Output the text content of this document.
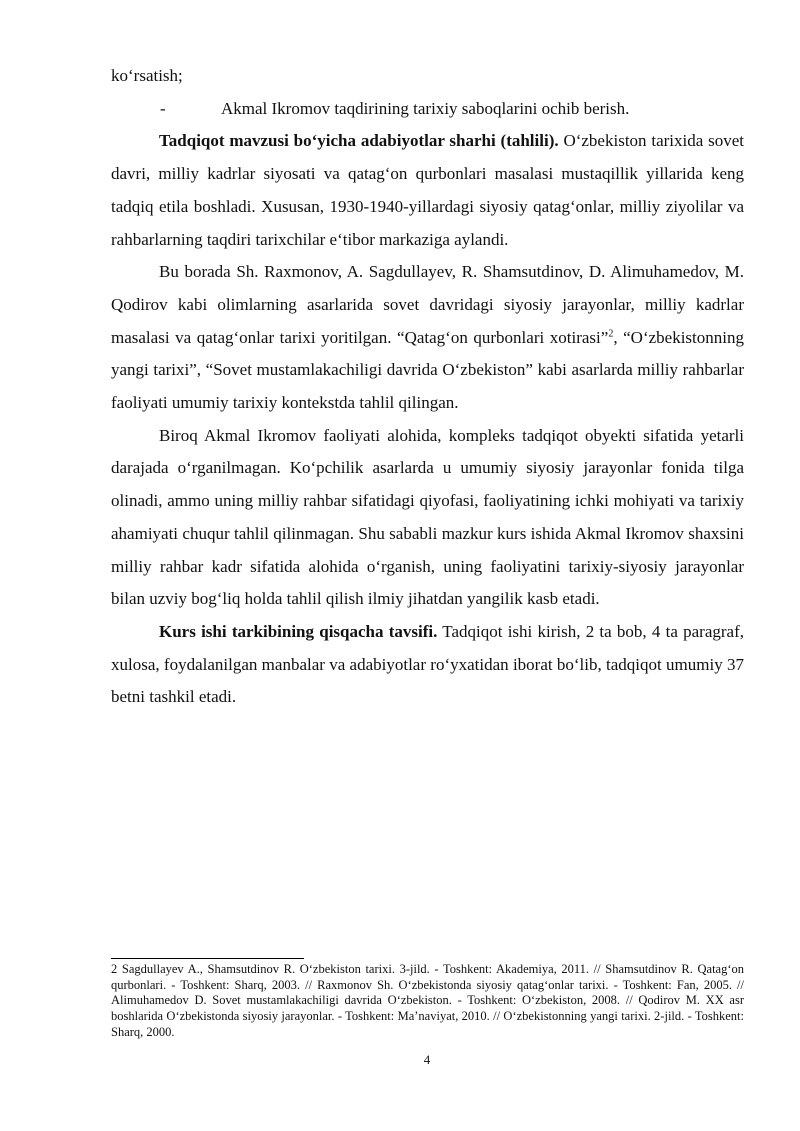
koʻrsatish;

-	Akmal Ikromov taqdirining tarixiy saboqlarini ochib berish.

Tadqiqot mavzusi boʻyicha adabiyotlar sharhi (tahlili). Oʻzbekiston tarixida sovet davri, milliy kadrlar siyosati va qatagʻon qurbonlari masalasi mustaqillik yillarida keng tadqiq etila boshladi. Xususan, 1930-1940-yillardagi siyosiy qatagʻonlar, milliy ziyolilar va rahbarlarning taqdiri tarixchilar eʻtibor markaziga aylandi.

Bu borada Sh. Raxmonov, A. Sagdullayev, R. Shamsutdinov, D. Alimuhamedov, M. Qodirov kabi olimlarning asarlarida sovet davridagi siyosiy jarayonlar, milliy kadrlar masalasi va qatagʻonlar tarixi yoritilgan. “Qatagʻon qurbonlari xotirasi”$^2$, “Oʻzbekistonning yangi tarixi”, “Sovet mustamlakachiligi davrida Oʻzbekiston” kabi asarlarda milliy rahbarlar faoliyati umumiy tarixiy kontekstda tahlil qilingan.

Biroq Akmal Ikromov faoliyati alohida, kompleks tadqiqot obyekti sifatida yetarli darajada oʻrganilmagan. Koʻpchilik asarlarda u umumiy siyosiy jarayonlar fonida tilga olinadi, ammo uning milliy rahbar sifatidagi qiyofasi, faoliyatining ichki mohiyati va tarixiy ahamiyati chuqur tahlil qilinmagan. Shu sababli mazkur kurs ishida Akmal Ikromov shaxsini milliy rahbar kadr sifatida alohida oʻrganish, uning faoliyatini tarixiy-siyosiy jarayonlar bilan uzviy bogʻliq holda tahlil qilish ilmiy jihatdan yangilik kasb etadi.

Kurs ishi tarkibining qisqacha tavsifi. Tadqiqot ishi kirish, 2 ta bob, 4 ta paragraf, xulosa, foydalanilgan manbalar va adabiyotlar roʻyxatidan iborat boʻlib, tadqiqot umumiy 37 betni tashkil etadi.

2 Sagdullayev A., Shamsutdinov R. Oʻzbekiston tarixi. 3-jild. - Toshkent: Akademiya, 2011. // Shamsutdinov R. Qatagʻon qurbonlari. - Toshkent: Sharq, 2003. // Raxmonov Sh. Oʻzbekistonda siyosiy qatagʻonlar tarixi. - Toshkent: Fan, 2005. // Alimuhamedov D. Sovet mustamlakachiligi davrida Oʻzbekiston. - Toshkent: Oʻzbekiston, 2008. // Qodirov M. XX asr boshlarida Oʻzbekistonda siyosiy jarayonlar. - Toshkent: Maʼnaviyat, 2010. // Oʻzbekistonning yangi tarixi. 2-jild. - Toshkent: Sharq, 2000.

4
